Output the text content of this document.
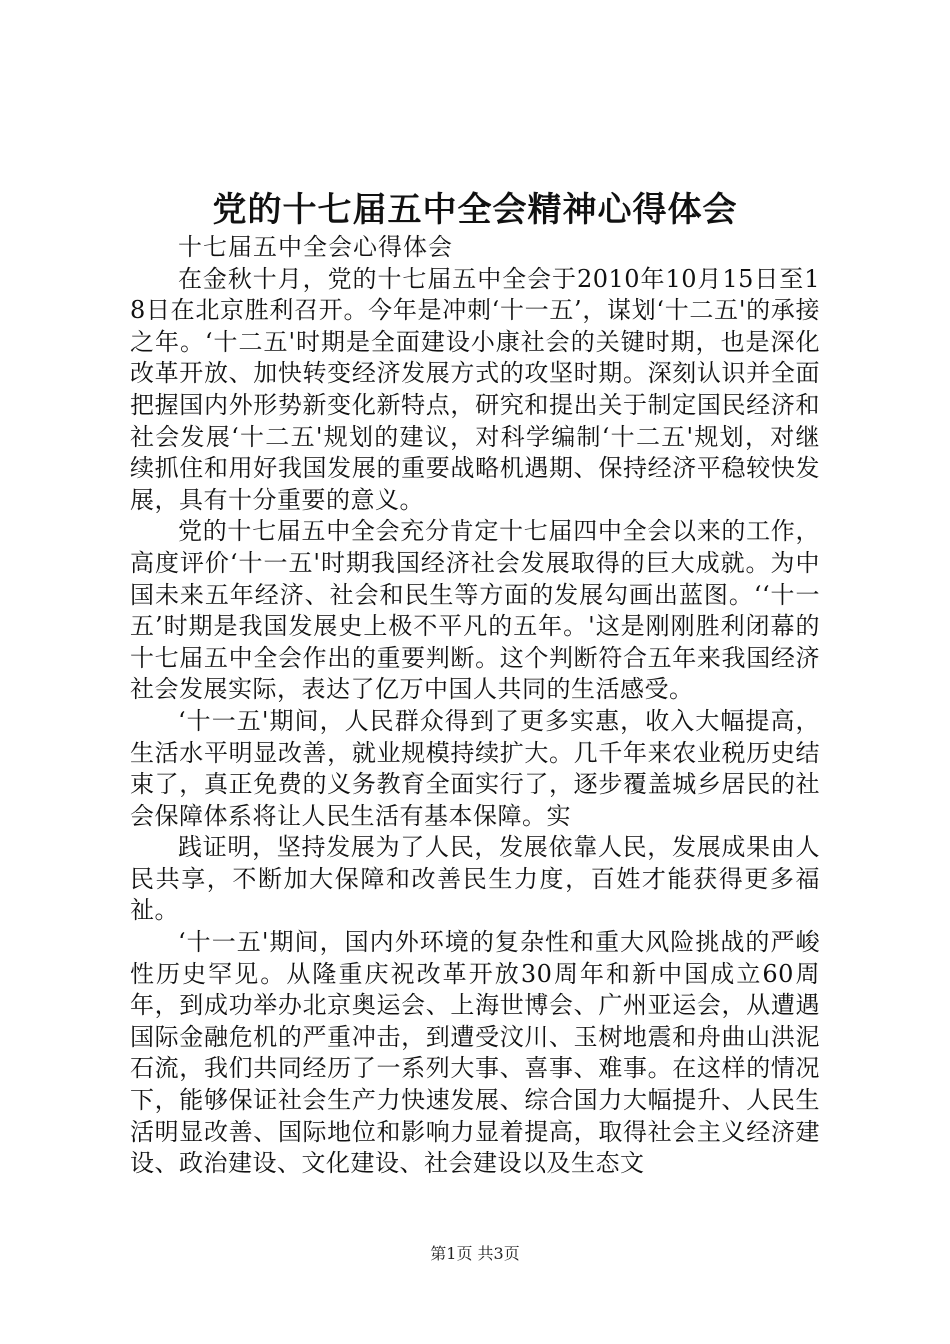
党的十七届五中全会精神心得体会

十七届五中全会心得体会

在金秋十月，党的十七届五中全会于2010年10月15日至18日在北京胜利召开。今年是冲刺‘十一五’，谋划‘十二五'的承接之年。‘十二五'时期是全面建设小康社会的关键时期，也是深化改革开放、加快转变经济发展方式的攻坚时期。深刻认识并全面把握国内外形势新变化新特点，研究和提出关于制定国民经济和社会发展‘十二五'规划的建议，对科学编制‘十二五'规划，对继续抓住和用好我国发展的重要战略机遇期、保持经济平稳较快发展，具有十分重要的意义。

党的十七届五中全会充分肯定十七届四中全会以来的工作，高度评价‘十一五'时期我国经济社会发展取得的巨大成就。为中国未来五年经济、社会和民生等方面的发展勾画出蓝图。‘‘十一五’时期是我国发展史上极不平凡的五年。'这是刚刚胜利闭幕的十七届五中全会作出的重要判断。这个判断符合五年来我国经济社会发展实际，表达了亿万中国人共同的生活感受。

‘十一五'期间，人民群众得到了更多实惠，收入大幅提高，生活水平明显改善，就业规模持续扩大。几千年来农业税历史结束了，真正免费的义务教育全面实行了，逐步覆盖城乡居民的社会保障体系将让人民生活有基本保障。实

践证明，坚持发展为了人民，发展依靠人民，发展成果由人民共享，不断加大保障和改善民生力度，百姓才能获得更多福祉。

‘十一五'期间，国内外环境的复杂性和重大风险挑战的严峻性历史罕见。从隆重庆祝改革开放30周年和新中国成立60周年，到成功举办北京奥运会、上海世博会、广州亚运会，从遭遇国际金融危机的严重冲击，到遭受汶川、玉树地震和舟曲山洪泥石流，我们共同经历了一系列大事、喜事、难事。在这样的情况下，能够保证社会生产力快速发展、综合国力大幅提升、人民生活明显改善、国际地位和影响力显着提高，取得社会主义经济建设、政治建设、文化建设、社会建设以及生态文

第1页 共3页
